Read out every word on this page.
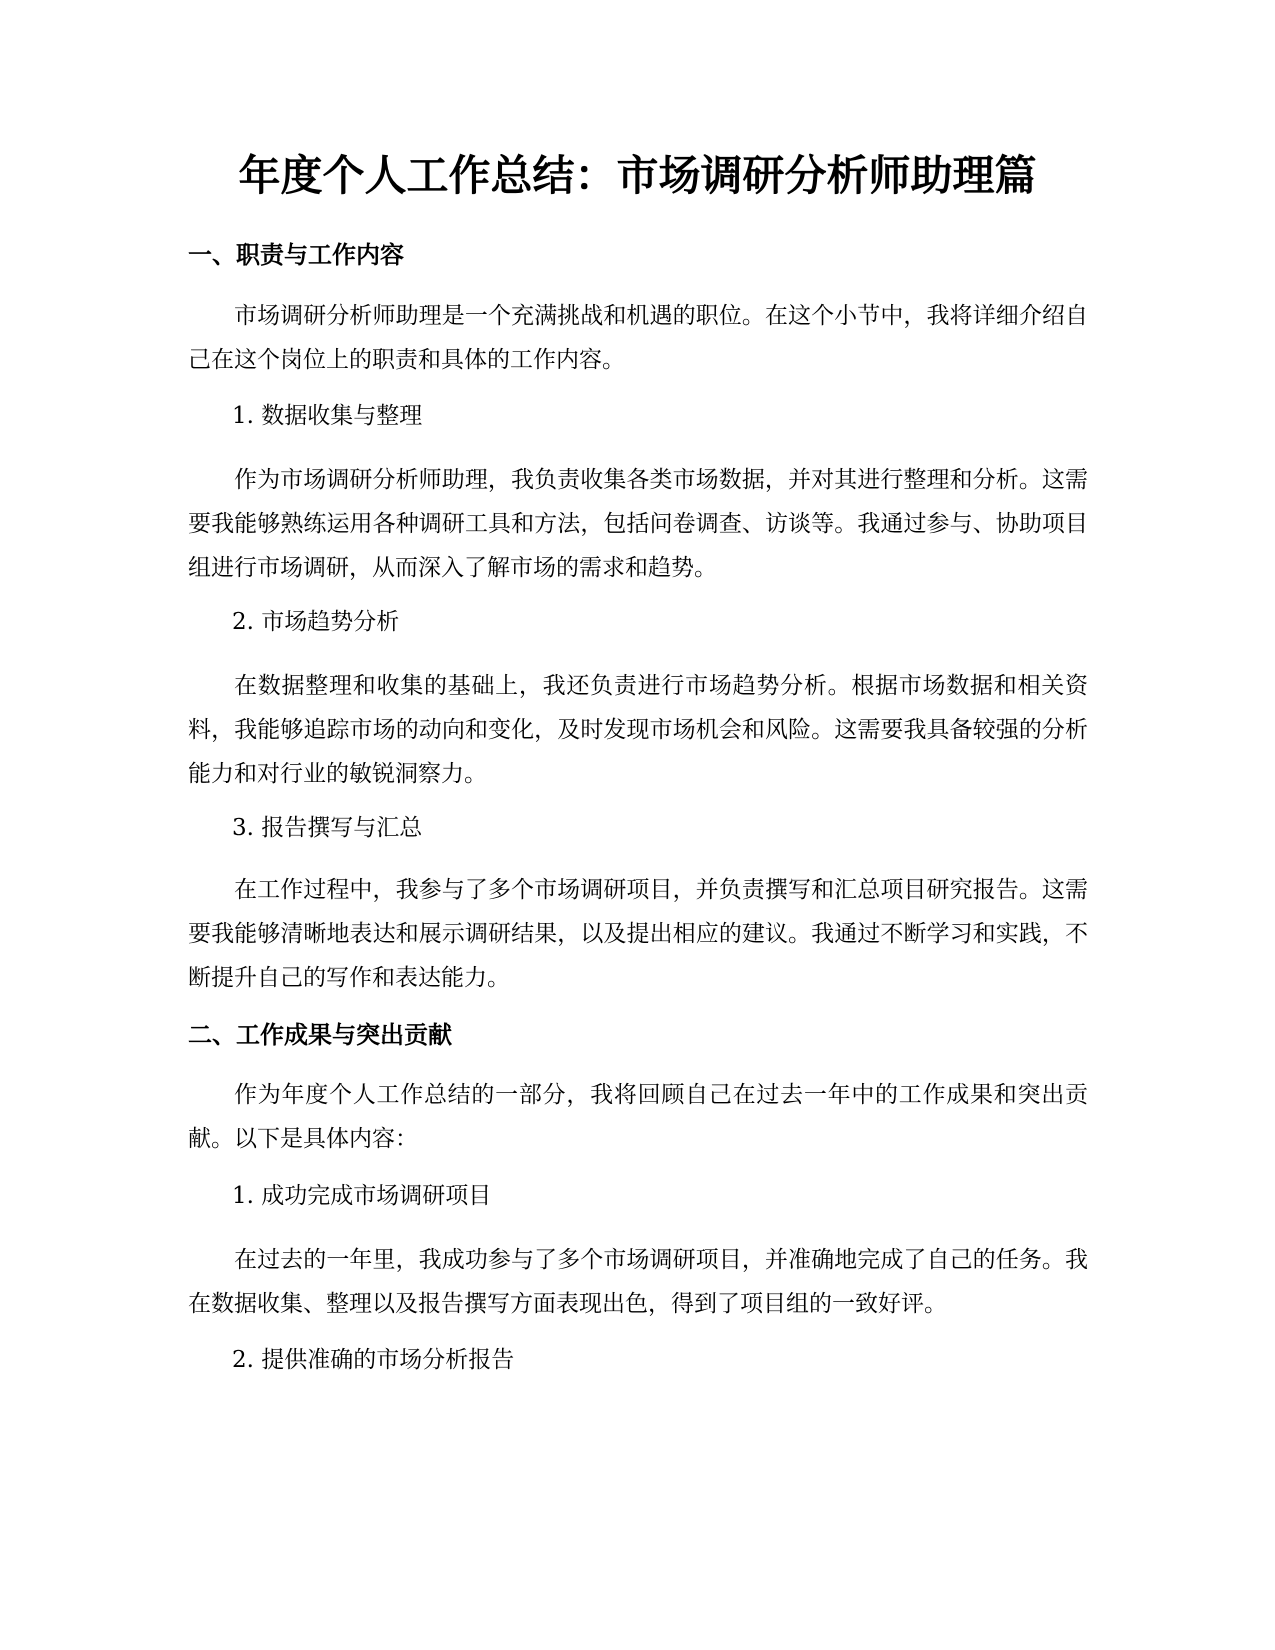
年度个人工作总结：市场调研分析师助理篇
一、职责与工作内容

市场调研分析师助理是一个充满挑战和机遇的职位。在这个小节中，我将详细介绍自己在这个岗位上的职责和具体的工作内容。

1. 数据收集与整理

作为市场调研分析师助理，我负责收集各类市场数据，并对其进行整理和分析。这需要我能够熟练运用各种调研工具和方法，包括问卷调查、访谈等。我通过参与、协助项目组进行市场调研，从而深入了解市场的需求和趋势。

2. 市场趋势分析

在数据整理和收集的基础上，我还负责进行市场趋势分析。根据市场数据和相关资料，我能够追踪市场的动向和变化，及时发现市场机会和风险。这需要我具备较强的分析能力和对行业的敏锐洞察力。

3. 报告撰写与汇总

在工作过程中，我参与了多个市场调研项目，并负责撰写和汇总项目研究报告。这需要我能够清晰地表达和展示调研结果，以及提出相应的建议。我通过不断学习和实践，不断提升自己的写作和表达能力。

二、工作成果与突出贡献

作为年度个人工作总结的一部分，我将回顾自己在过去一年中的工作成果和突出贡献。以下是具体内容：

1. 成功完成市场调研项目

在过去的一年里，我成功参与了多个市场调研项目，并准确地完成了自己的任务。我在数据收集、整理以及报告撰写方面表现出色，得到了项目组的一致好评。

2. 提供准确的市场分析报告
